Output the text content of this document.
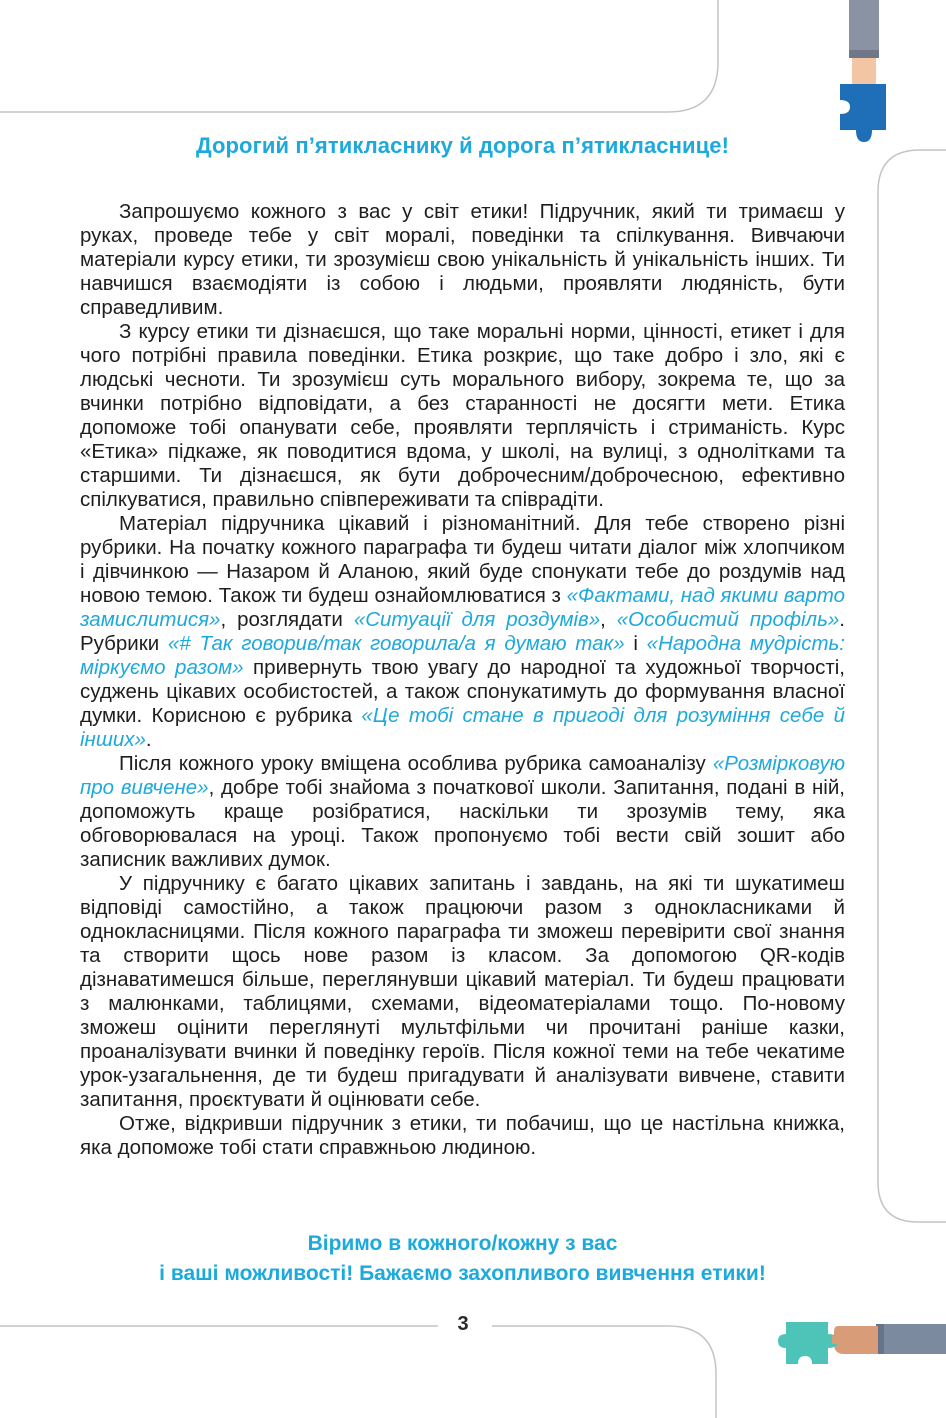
Дорогий п’ятикласнику й дорога п’ятикласнице!

Запрошуємо кожного з вас у світ етики! Підручник, який ти тримаєш у руках, проведе тебе у світ моралі, поведінки та спілкування. Вивчаючи матеріали курсу етики, ти зрозумієш свою унікальність й унікальність інших. Ти навчишся взаємодіяти із собою і людьми, проявляти людяність, бути справедливим.

З курсу етики ти дізнаєшся, що таке моральні норми, цінності, етикет і для чого потрібні правила поведінки. Етика розкриє, що таке добро і зло, які є людські чесноти. Ти зрозумієш суть морального вибору, зокрема те, що за вчинки потрібно відповідати, а без старанності не досягти мети. Етика допоможе тобі опанувати себе, проявляти терплячість і стриманість. Курс «Етика» підкаже, як поводитися вдома, у школі, на вулиці, з однолітками та старшими. Ти дізнаєшся, як бути доброчесним/доброчесною, ефективно спілкуватися, правильно співпереживати та співрадіти.

Матеріал підручника цікавий і різноманітний. Для тебе створено різні рубрики. На початку кожного параграфа ти будеш читати діалог між хлопчиком і дівчинкою — Назаром й Аланою, який буде спонукати тебе до роздумів над новою темою. Також ти будеш ознайомлюватися з «Фактами, над якими варто замислитися», розглядати «Ситуації для роздумів», «Особистий профіль». Рубрики «# Так говорив/так говорила/а я думаю так» і «Народна мудрість: міркуємо разом» привернуть твою увагу до народної та художньої творчості, суджень цікавих особистостей, а також спонукатимуть до формування власної думки. Корисною є рубрика «Це тобі стане в пригоді для розуміння себе й інших».

Після кожного уроку вміщена особлива рубрика самоаналізу «Розмірковую про вивчене», добре тобі знайома з початкової школи. Запитання, подані в ній, допоможуть краще розібратися, наскільки ти зрозумів тему, яка обговорювалася на уроці. Також пропонуємо тобі вести свій зошит або записник важливих думок.

У підручнику є багато цікавих запитань і завдань, на які ти шукатимеш відповіді самостійно, а також працюючи разом з однокласниками й однокласницями. Після кожного параграфа ти зможеш перевірити свої знання та створити щось нове разом із класом. За допомогою QR-кодів дізнаватимешся більше, переглянувши цікавий матеріал. Ти будеш працювати з малюнками, таблицями, схемами, відеоматеріалами тощо. По-новому зможеш оцінити переглянуті мультфільми чи прочитані раніше казки, проаналізувати вчинки й поведінку героїв. Після кожної теми на тебе чекатиме урок-узагальнення, де ти будеш пригадувати й аналізувати вивчене, ставити запитання, проєктувати й оцінювати себе.

Отже, відкривши підручник з етики, ти побачиш, що це настільна книжка, яка допоможе тобі стати справжньою людиною.

Віримо в кожного/кожну з вас
і ваші можливості! Бажаємо захопливого вивчення етики!
3
